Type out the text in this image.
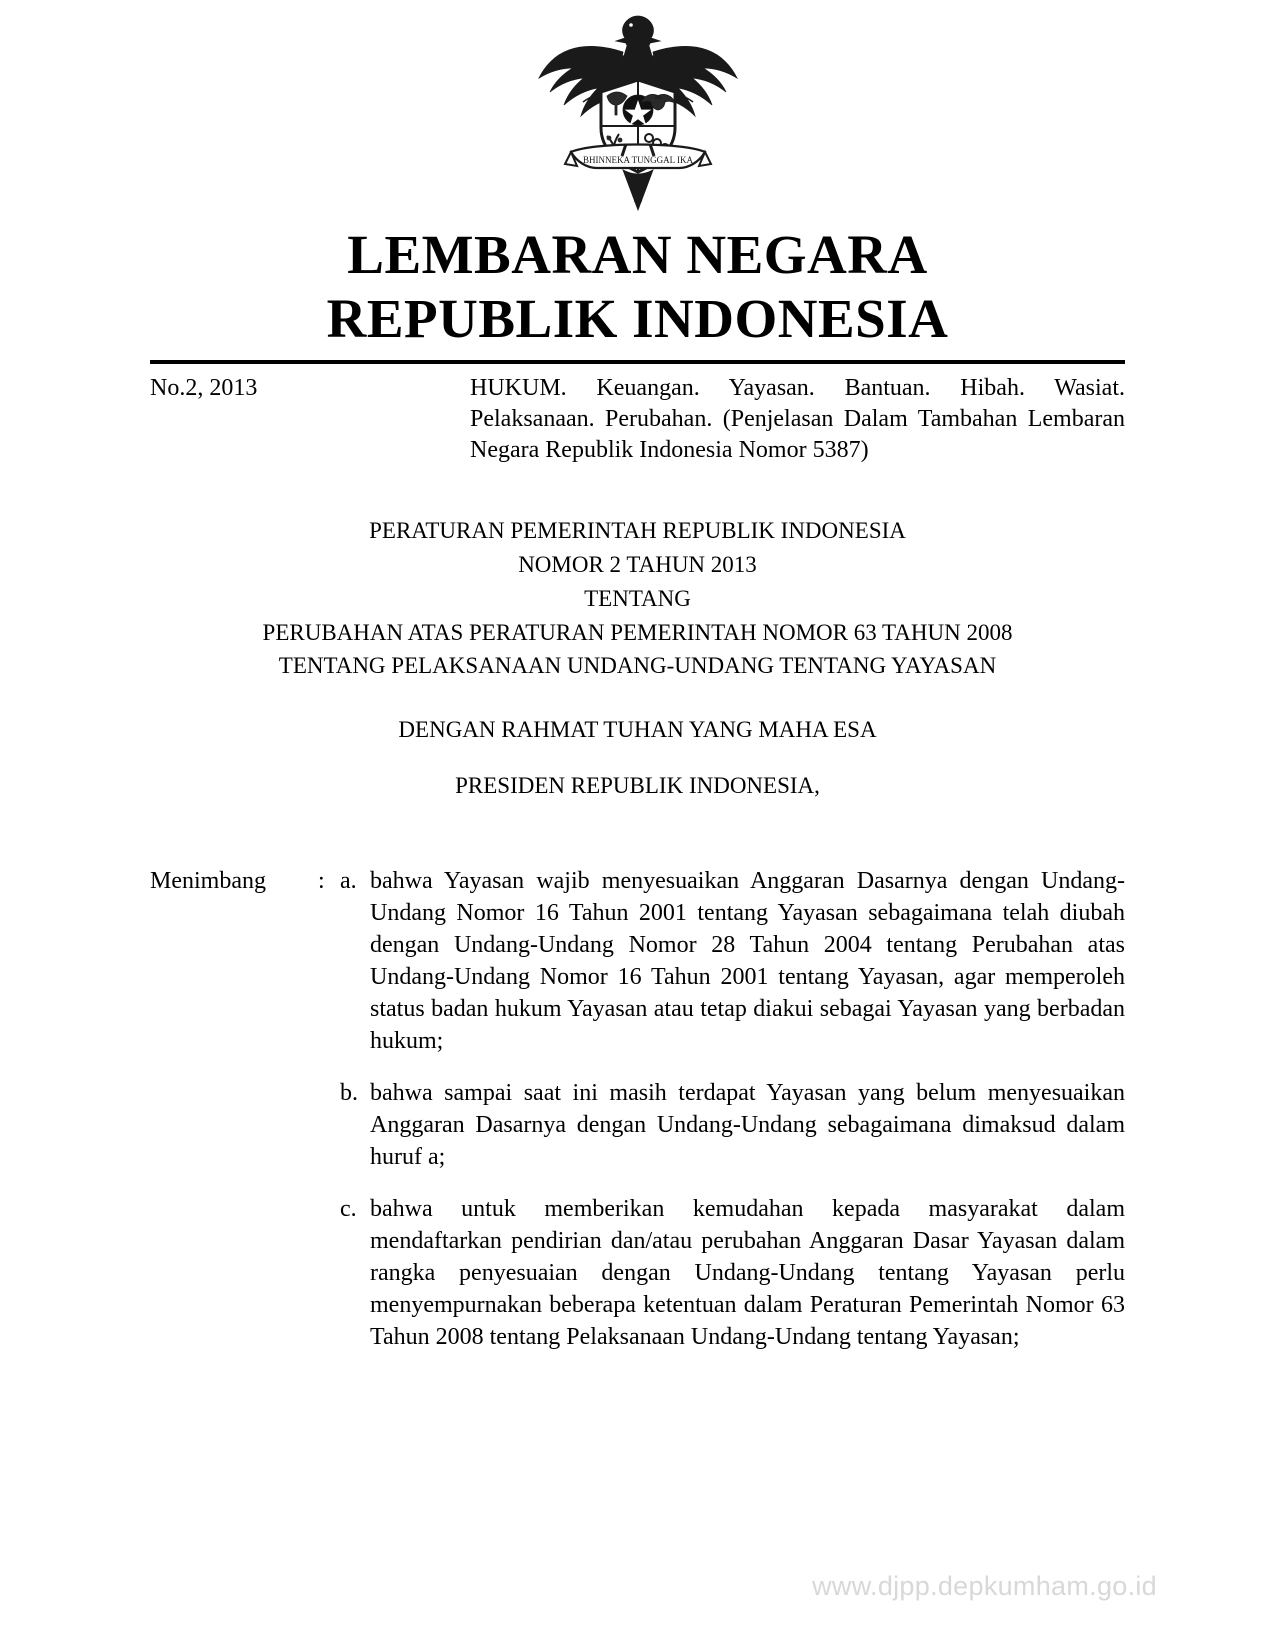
BHINNEKA TUNGGAL IKA
LEMBARAN NEGARA
REPUBLIK INDONESIA
No.2, 2013	HUKUM. Keuangan. Yayasan. Bantuan. Hibah. Wasiat. Pelaksanaan. Perubahan. (Penjelasan Dalam Tambahan Lembaran Negara Republik Indonesia Nomor 5387)
PERATURAN PEMERINTAH REPUBLIK INDONESIA
NOMOR 2 TAHUN 2013
TENTANG
PERUBAHAN ATAS PERATURAN PEMERINTAH NOMOR 63 TAHUN 2008
TENTANG PELAKSANAAN UNDANG-UNDANG TENTANG YAYASAN
DENGAN RAHMAT TUHAN YANG MAHA ESA
PRESIDEN REPUBLIK INDONESIA,
Menimbang	: a. bahwa Yayasan wajib menyesuaikan Anggaran Dasarnya dengan Undang-Undang Nomor 16 Tahun 2001 tentang Yayasan sebagaimana telah diubah dengan Undang-Undang Nomor 28 Tahun 2004 tentang Perubahan atas Undang-Undang Nomor 16 Tahun 2001 tentang Yayasan, agar memperoleh status badan hukum Yayasan atau tetap diakui sebagai Yayasan yang berbadan hukum;
b. bahwa sampai saat ini masih terdapat Yayasan yang belum menyesuaikan Anggaran Dasarnya dengan Undang-Undang sebagaimana dimaksud dalam huruf a;
c. bahwa untuk memberikan kemudahan kepada masyarakat dalam mendaftarkan pendirian dan/atau perubahan Anggaran Dasar Yayasan dalam rangka penyesuaian dengan Undang-Undang tentang Yayasan perlu menyempurnakan beberapa ketentuan dalam Peraturan Pemerintah Nomor 63 Tahun 2008 tentang Pelaksanaan Undang-Undang tentang Yayasan;
www.djpp.depkumham.go.id
